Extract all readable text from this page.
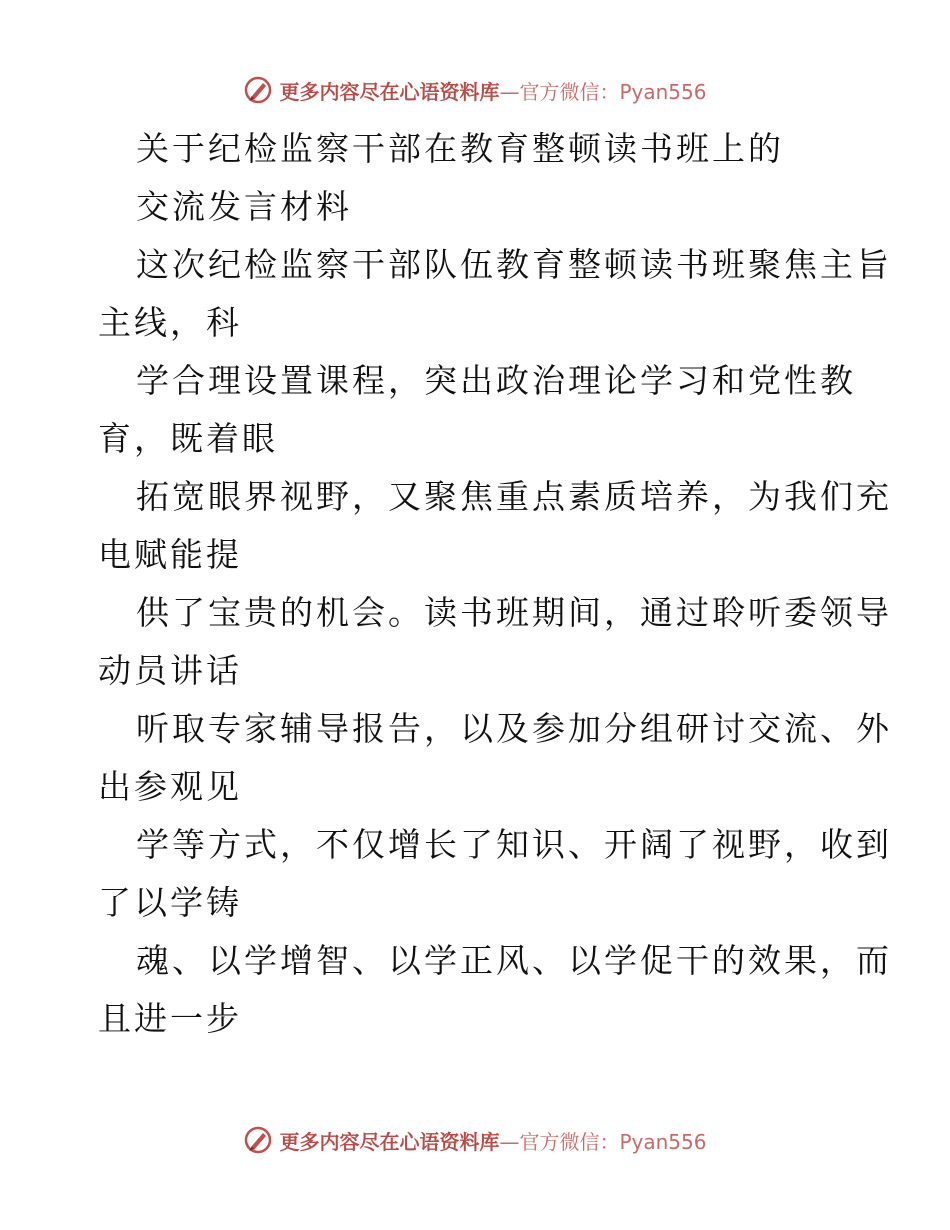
更多内容尽在心语资料库—官方微信：Pyan556
关于纪检监察干部在教育整顿读书班上的
交流发言材料
这次纪检监察干部队伍教育整顿读书班聚焦主旨
主线，科
学合理设置课程，突出政治理论学习和党性教
育，既着眼
拓宽眼界视野，又聚焦重点素质培养，为我们充
电赋能提
供了宝贵的机会。读书班期间，通过聆听委领导
动员讲话
听取专家辅导报告，以及参加分组研讨交流、外
出参观见
学等方式，不仅增长了知识、开阔了视野，收到
了以学铸
魂、以学增智、以学正风、以学促干的效果，而
且进一步
更多内容尽在心语资料库—官方微信：Pyan556
